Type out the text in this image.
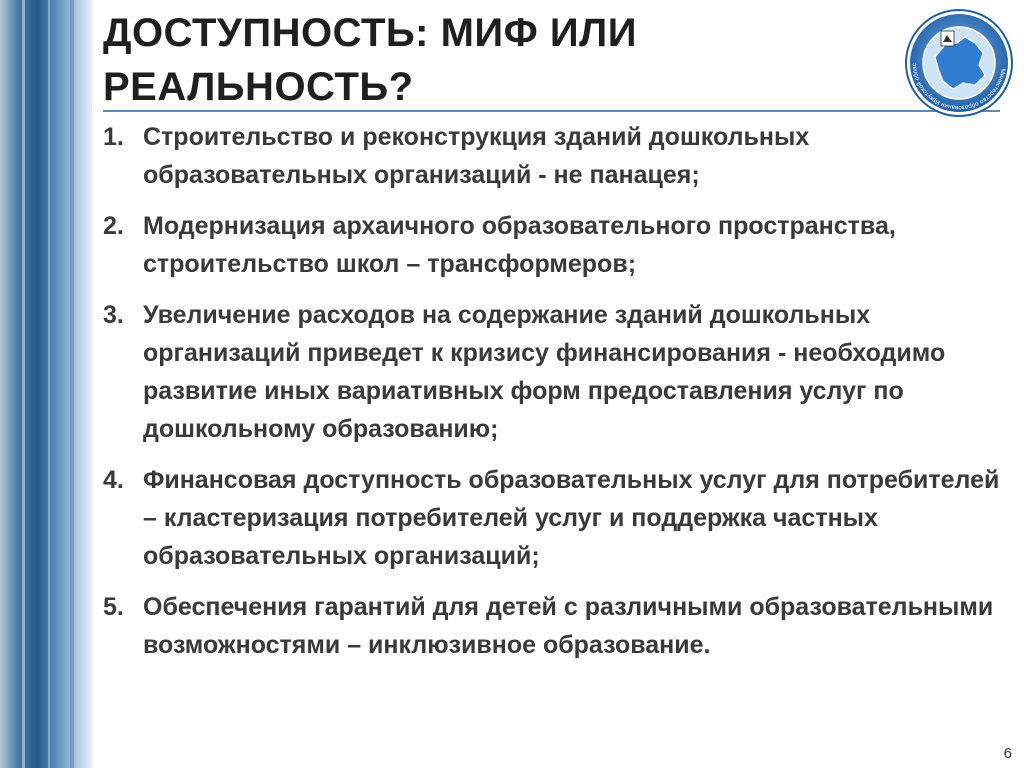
ДОСТУПНОСТЬ: МИФ ИЛИ
РЕАЛЬНОСТЬ?	Министерство образования Иркутской облас
1. Строительство и реконструкция зданий дошкольных образовательных организаций - не панацея;
2. Модернизация архаичного образовательного пространства, строительство школ – трансформеров;
3. Увеличение расходов на содержание зданий дошкольных организаций приведет к кризису финансирования - необходимо развитие иных вариативных форм предоставления услуг по дошкольному образованию;
4. Финансовая доступность образовательных услуг для потребителей – кластеризация потребителей услуг и поддержка частных образовательных организаций;
5. Обеспечения гарантий для детей с различными образовательными возможностями – инклюзивное образование.
6
